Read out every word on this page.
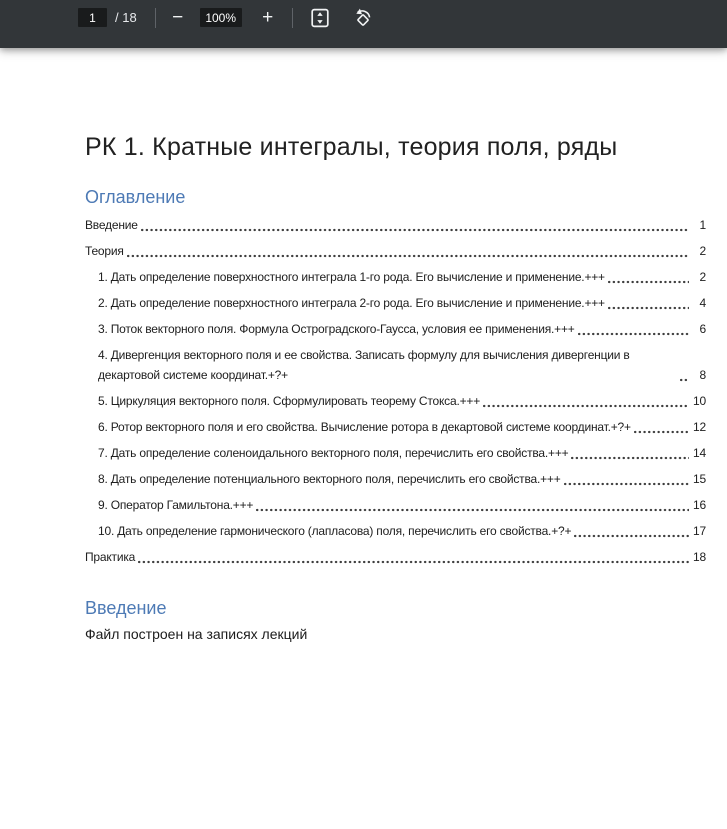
1
/ 18 −	100% +
РК 1. Кратные интегралы, теория поля, ряды
Оглавление
Введение	1
Теория	2
1. Дать определение поверхностного интеграла 1-го рода. Его вычисление и применение.+++	2
2. Дать определение поверхностного интеграла 2-го рода. Его вычисление и применение.+++	4
3. Поток векторного поля. Формула Остроградского-Гаусса, условия ее применения.+++	6
4. Дивергенция векторного поля и ее свойства. Записать формулу для вычисления дивергенции в декартовой системе координат.+?+	8
5. Циркуляция векторного поля. Сформулировать теорему Стокса.+++	10
6. Ротор векторного поля и его свойства. Вычисление ротора в декартовой системе координат.+?+	12
7. Дать определение соленоидального векторного поля, перечислить его свойства.+++	14
8. Дать определение потенциального векторного поля, перечислить его свойства.+++	15
9. Оператор Гамильтона.+++	16
10. Дать определение гармонического (лапласова) поля, перечислить его свойства.+?+	17
Практика	18
Введение

Файл построен на записях лекций
